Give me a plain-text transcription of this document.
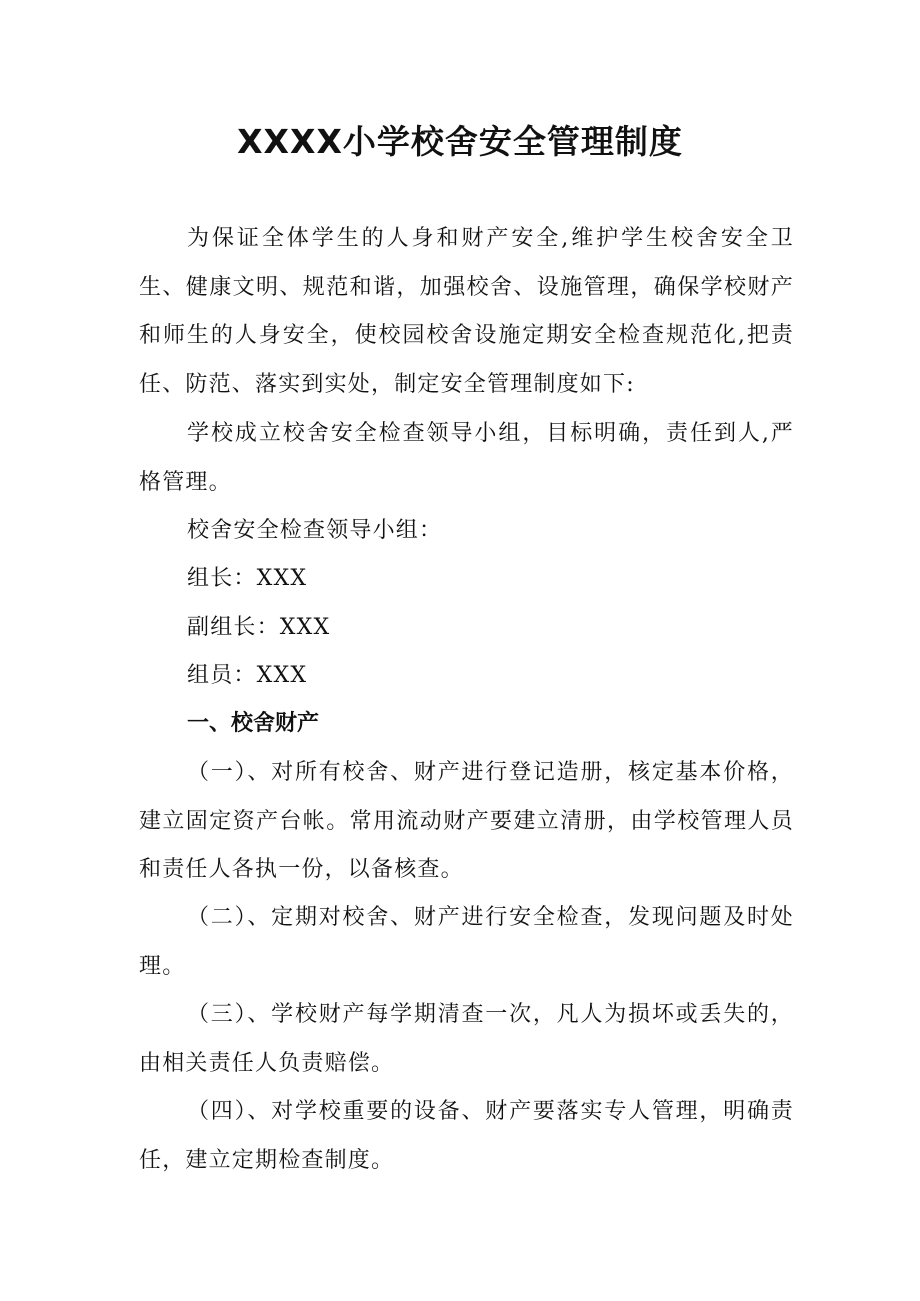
XXXX小学校舍安全管理制度
为保证全体学生的人身和财产安全,维护学生校舍安全卫生、健康文明、规范和谐，加强校舍、设施管理，确保学校财产和师生的人身安全，使校园校舍设施定期安全检查规范化,把责任、防范、落实到实处，制定安全管理制度如下:
学校成立校舍安全检查领导小组，目标明确，责任到人,严格管理。
校舍安全检查领导小组：
组长：XXX
副组长：XXX
组员：XXX
一、校舍财产
（一）、对所有校舍、财产进行登记造册，核定基本价格，建立固定资产台帐。常用流动财产要建立清册，由学校管理人员和责任人各执一份，以备核查。
（二）、定期对校舍、财产进行安全检查，发现问题及时处理。
（三）、学校财产每学期清查一次，凡人为损坏或丢失的，由相关责任人负责赔偿。
（四）、对学校重要的设备、财产要落实专人管理，明确责任，建立定期检查制度。
